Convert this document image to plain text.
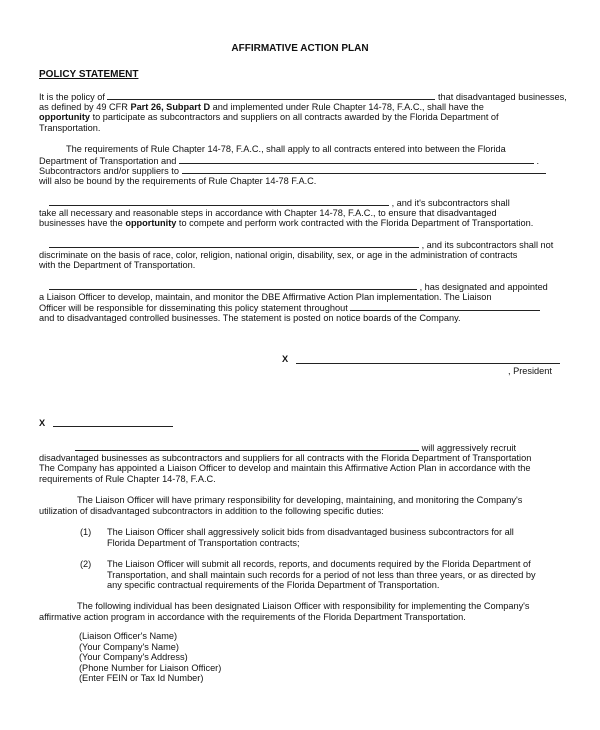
AFFIRMATIVE ACTION PLAN
POLICY STATEMENT
It is the policy of	that disadvantaged businesses,
as defined by 49 CFR Part 26, Subpart D and implemented under Rule Chapter 14-78, F.A.C., shall have the
opportunity to participate as subcontractors and suppliers on all contracts awarded by the Florida Department of
Transportation.
The requirements of Rule Chapter 14-78, F.A.C., shall apply to all contracts entered into between the Florida
Department of Transportation and	.
Subcontractors and/or suppliers to
will also be bound by the requirements of Rule Chapter 14-78 F.A.C.
, and it's subcontractors shall
take all necessary and reasonable steps in accordance with Chapter 14-78, F.A.C., to ensure that disadvantaged
businesses have the opportunity to compete and perform work contracted with the Florida Department of Transportation.
, and its subcontractors shall not
discriminate on the basis of race, color, religion, national origin, disability, sex, or age in the administration of contracts
with the Department of Transportation.
, has designated and appointed
a Liaison Officer to develop, maintain, and monitor the DBE Affirmative Action Plan implementation. The Liaison
Officer will be responsible for disseminating this policy statement throughout
and to disadvantaged controlled businesses. The statement is posted on notice boards of the Company.
X
, President
X
will aggressively recruit
disadvantaged businesses as subcontractors and suppliers for all contracts with the Florida Department of Transportation
The Company has appointed a Liaison Officer to develop and maintain this Affirmative Action Plan in accordance with the
requirements of Rule Chapter 14-78, F.A.C.
The Liaison Officer will have primary responsibility for developing, maintaining, and monitoring the Company's
utilization of disadvantaged subcontractors in addition to the following specific duties:
(1) The Liaison Officer shall aggressively solicit bids from disadvantaged business subcontractors for all
Florida Department of Transportation contracts;
(2) The Liaison Officer will submit all records, reports, and documents required by the Florida Department of
Transportation, and shall maintain such records for a period of not less than three years, or as directed by
any specific contractual requirements of the Florida Department of Transportation.
The following individual has been designated Liaison Officer with responsibility for implementing the Company's
affirmative action program in accordance with the requirements of the Florida Department Transportation.
(Liaison Officer's Name)
(Your Company's Name)
(Your Company's Address)
(Phone Number for Liaison Officer)
(Enter FEIN or Tax Id Number)
